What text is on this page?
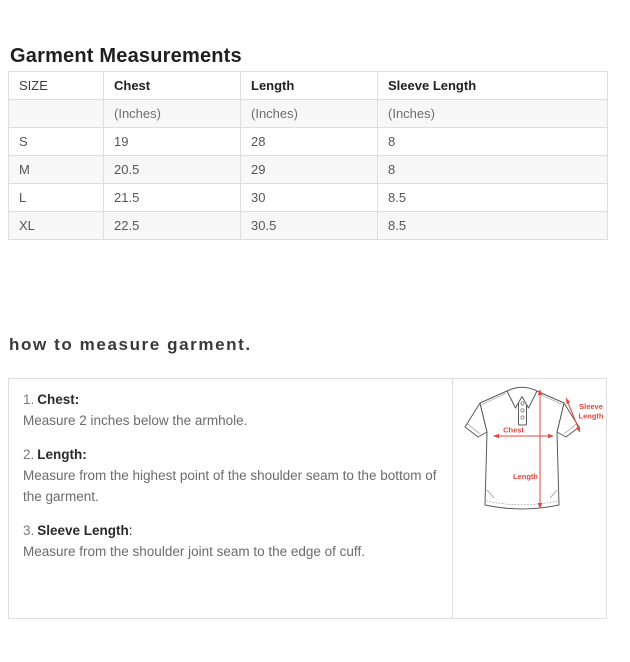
Garment Measurements
SIZE	Chest	Length	Sleeve Length
	(Inches)	(Inches)	(Inches)
S	19	28	8
M	20.5	29	8
L	21.5	30	8.5
XL	22.5	30.5	8.5
how to measure garment.
1. Chest:
Measure 2 inches below the armhole.
2. Length:
Measure from the highest point of the shoulder seam to the bottom of the garment.
3. Sleeve Length:
Measure from the shoulder joint seam to the edge of cuff.
Chest
Length
Sleeve
Length
